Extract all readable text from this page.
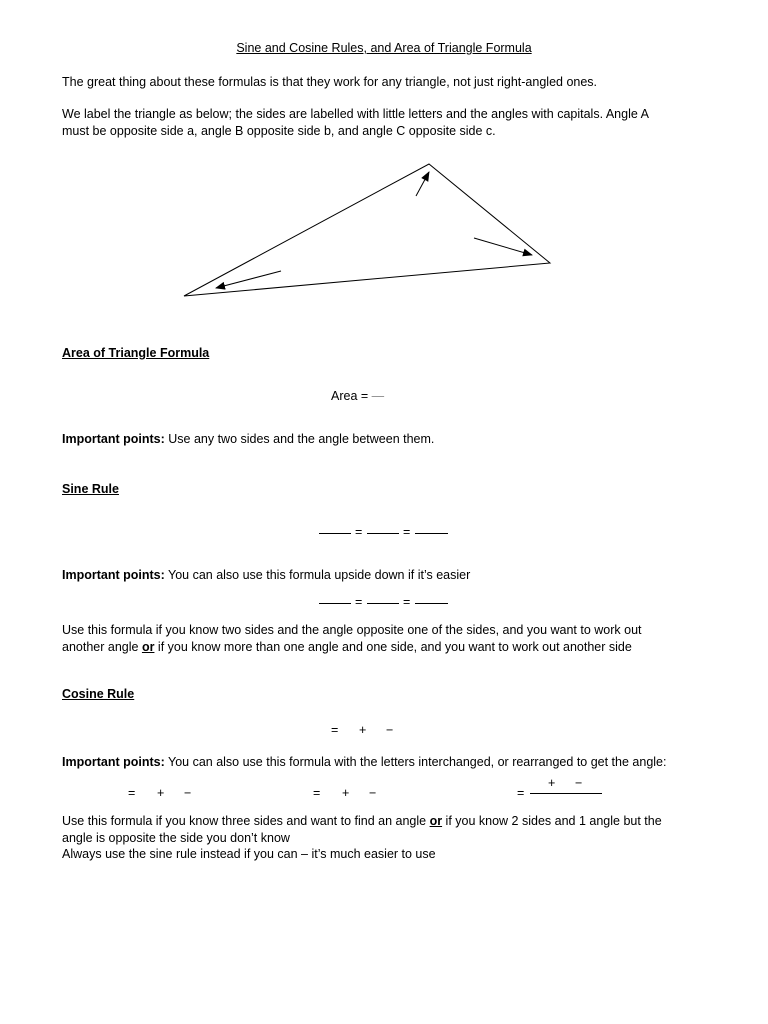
Sine and Cosine Rules, and Area of Triangle Formula
The great thing about these formulas is that they work for any triangle, not just right-angled ones.
We label the triangle as below; the sides are labelled with little letters and the angles with capitals. Angle A
must be opposite side a, angle B opposite side b, and angle C opposite side c.
Area of Triangle Formula
Area = —
Important points: Use any two sides and the angle between them.
Sine Rule
=	=
Important points: You can also use this formula upside down if it’s easier
=	=
Use this formula if you know two sides and the angle opposite one of the sides, and you want to work out
another angle or if you know more than one angle and one side, and you want to work out another side
Cosine Rule
= + −
Important points: You can also use this formula with the letters interchanged, or rearranged to get the angle:
= + −	= + −	=
+ −
Use this formula if you know three sides and want to find an angle or if you know 2 sides and 1 angle but the
angle is opposite the side you don’t know
Always use the sine rule instead if you can – it’s much easier to use
